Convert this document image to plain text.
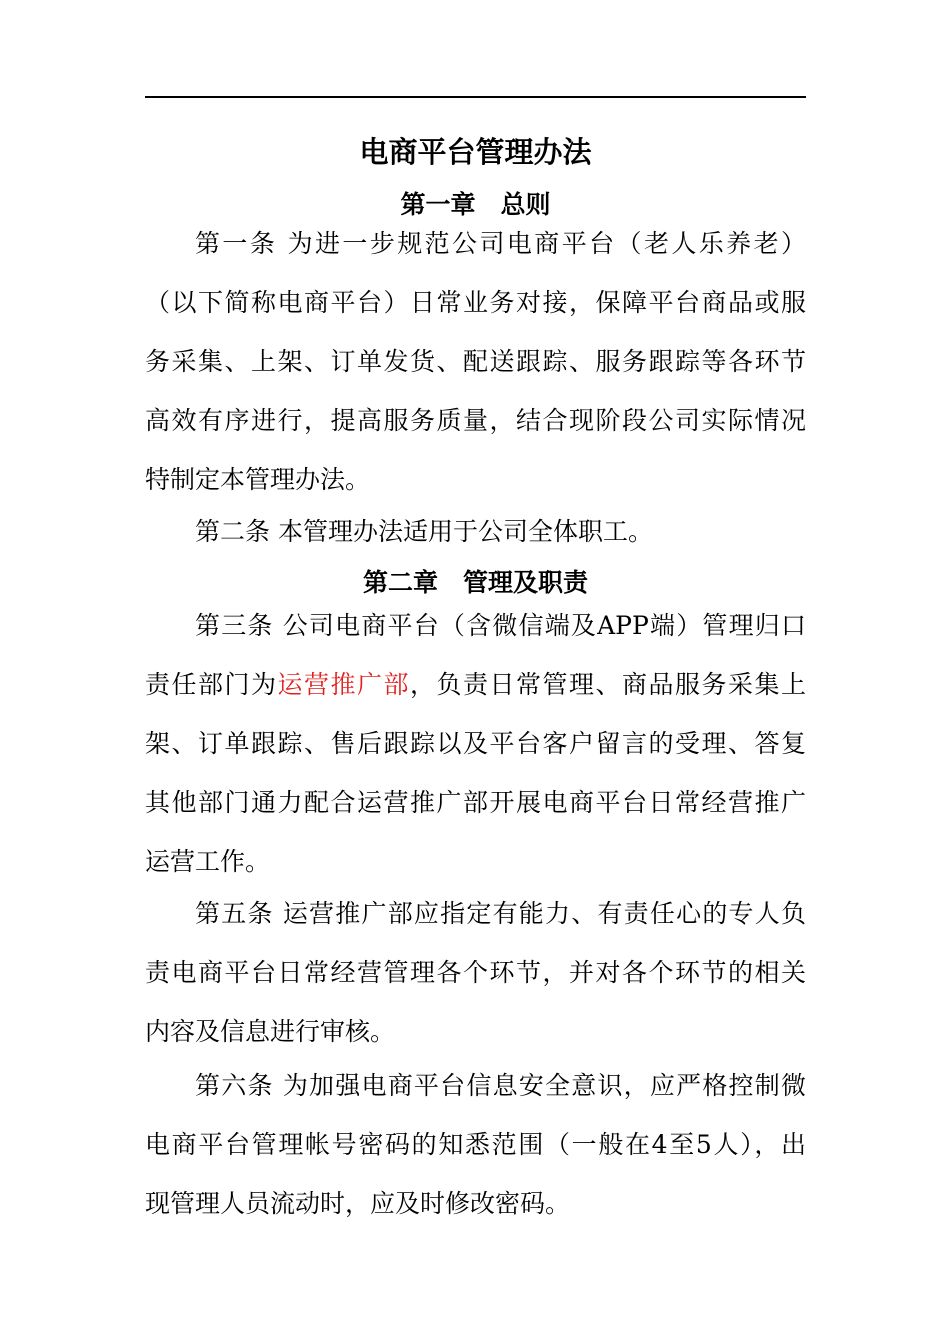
电商平台管理办法
第一章　总则
第一条 为进一步规范公司电商平台（老人乐养老）
（以下简称电商平台）日常业务对接，保障平台商品或服
务采集、上架、订单发货、配送跟踪、服务跟踪等各环节
高效有序进行，提高服务质量，结合现阶段公司实际情况
特制定本管理办法。
第二条 本管理办法适用于公司全体职工。
第二章　管理及职责
第三条 公司电商平台（含微信端及APP端）管理归口
责任部门为运营推广部，负责日常管理、商品服务采集上
架、订单跟踪、售后跟踪以及平台客户留言的受理、答复
其他部门通力配合运营推广部开展电商平台日常经营推广
运营工作。
第五条 运营推广部应指定有能力、有责任心的专人负
责电商平台日常经营管理各个环节，并对各个环节的相关
内容及信息进行审核。
第六条 为加强电商平台信息安全意识，应严格控制微
电商平台管理帐号密码的知悉范围（一般在4至5人），出
现管理人员流动时，应及时修改密码。
